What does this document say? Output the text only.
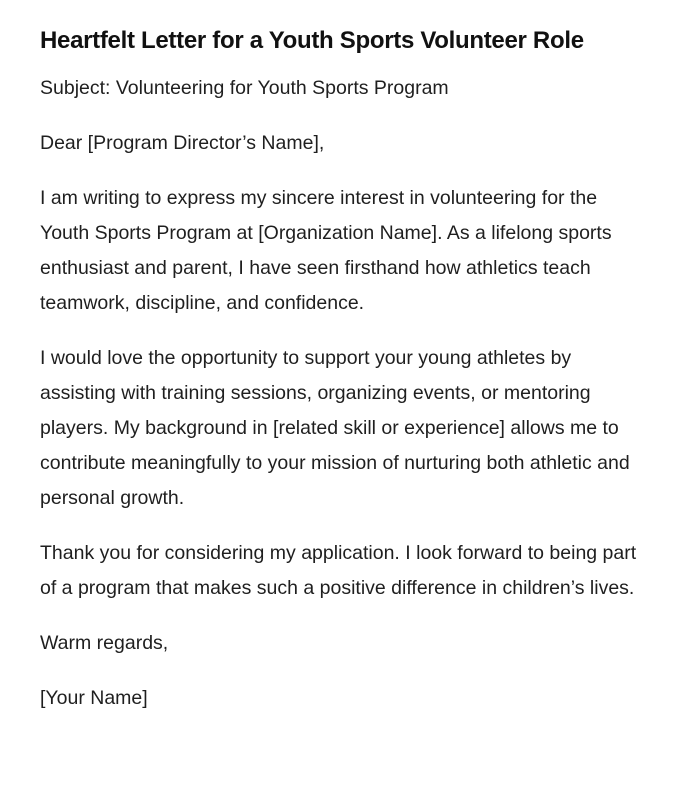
Heartfelt Letter for a Youth Sports Volunteer Role

Subject: Volunteering for Youth Sports Program

Dear [Program Director’s Name],

I am writing to express my sincere interest in volunteering for the Youth Sports Program at [Organization Name]. As a lifelong sports enthusiast and parent, I have seen firsthand how athletics teach teamwork, discipline, and confidence.

I would love the opportunity to support your young athletes by assisting with training sessions, organizing events, or mentoring players. My background in [related skill or experience] allows me to contribute meaningfully to your mission of nurturing both athletic and personal growth.

Thank you for considering my application. I look forward to being part of a program that makes such a positive difference in children’s lives.

Warm regards,

[Your Name]
